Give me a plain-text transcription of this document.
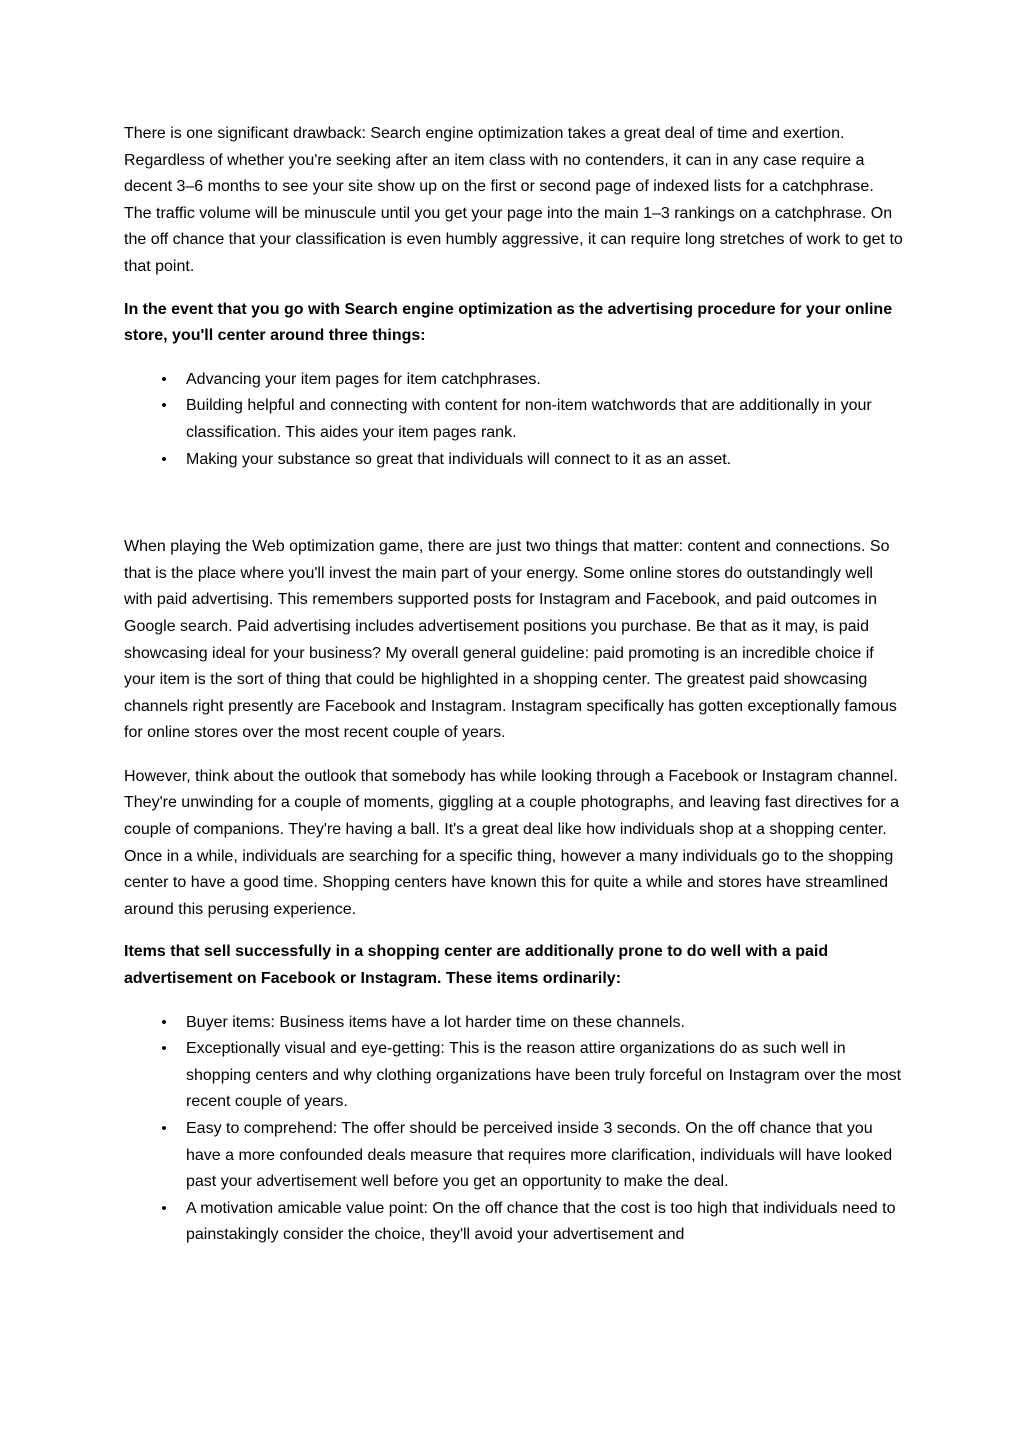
There is one significant drawback: Search engine optimization takes a great deal of time and exertion. Regardless of whether you're seeking after an item class with no contenders, it can in any case require a decent 3–6 months to see your site show up on the first or second page of indexed lists for a catchphrase. The traffic volume will be minuscule until you get your page into the main 1–3 rankings on a catchphrase. On the off chance that your classification is even humbly aggressive, it can require long stretches of work to get to that point.

In the event that you go with Search engine optimization as the advertising procedure for your online store, you'll center around three things:

•	Advancing your item pages for item catchphrases.
•	Building helpful and connecting with content for non-item watchwords that are additionally in your classification. This aides your item pages rank.
•	Making your substance so great that individuals will connect to it as an asset.

When playing the Web optimization game, there are just two things that matter: content and connections. So that is the place where you'll invest the main part of your energy. Some online stores do outstandingly well with paid advertising. This remembers supported posts for Instagram and Facebook, and paid outcomes in Google search. Paid advertising includes advertisement positions you purchase. Be that as it may, is paid showcasing ideal for your business? My overall general guideline: paid promoting is an incredible choice if your item is the sort of thing that could be highlighted in a shopping center. The greatest paid showcasing channels right presently are Facebook and Instagram. Instagram specifically has gotten exceptionally famous for online stores over the most recent couple of years.

However, think about the outlook that somebody has while looking through a Facebook or Instagram channel. They're unwinding for a couple of moments, giggling at a couple photographs, and leaving fast directives for a couple of companions. They're having a ball. It's a great deal like how individuals shop at a shopping center. Once in a while, individuals are searching for a specific thing, however a many individuals go to the shopping center to have a good time. Shopping centers have known this for quite a while and stores have streamlined around this perusing experience.

Items that sell successfully in a shopping center are additionally prone to do well with a paid advertisement on Facebook or Instagram. These items ordinarily:

•	Buyer items: Business items have a lot harder time on these channels.
•	Exceptionally visual and eye-getting: This is the reason attire organizations do as such well in shopping centers and why clothing organizations have been truly forceful on Instagram over the most recent couple of years.
•	Easy to comprehend: The offer should be perceived inside 3 seconds. On the off chance that you have a more confounded deals measure that requires more clarification, individuals will have looked past your advertisement well before you get an opportunity to make the deal.
•	A motivation amicable value point: On the off chance that the cost is too high that individuals need to painstakingly consider the choice, they'll avoid your advertisement and
